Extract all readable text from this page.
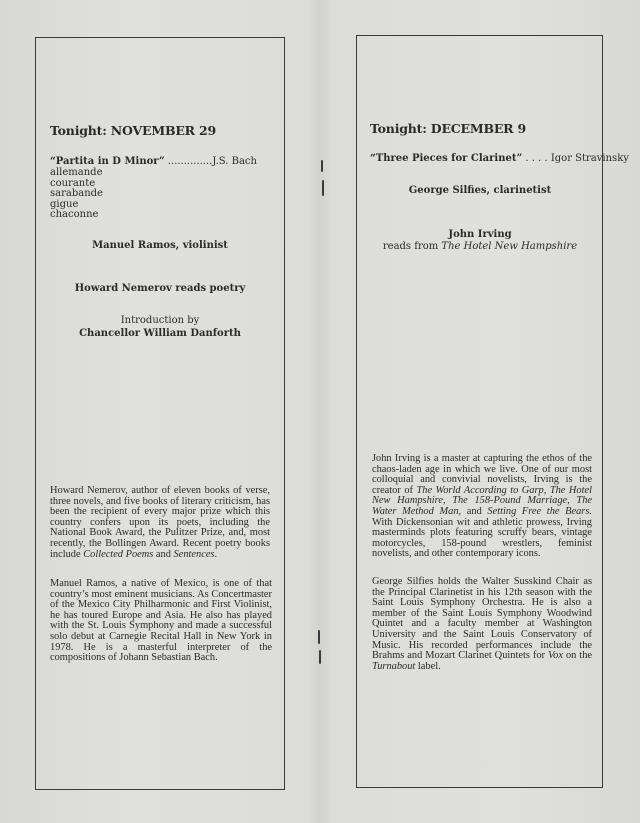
Tonight: NOVEMBER 29
“Partita in D Minor” ..............J.S. Bach
allemande
courante
sarabande
gigue
chaconne
Manuel Ramos, violinist
Howard Nemerov reads poetry
Introduction by
Chancellor William Danforth
Howard Nemerov, author of eleven books of verse, three novels, and five books of literary criticism, has been the recipient of every major prize which this country confers upon its poets, including the National Book Award, the Pulitzer Prize, and, most recently, the Bollingen Award. Recent poetry books include Collected Poems and Sentences.
Manuel Ramos, a native of Mexico, is one of that country’s most eminent musicians. As Concertmaster of the Mexico City Philharmonic and First Violinist, he has toured Europe and Asia. He also has played with the St. Louis Symphony and made a successful solo debut at Carnegie Recital Hall in New York in 1978. He is a masterful interpreter of the compositions of Johann Sebastian Bach.
Tonight: DECEMBER 9
“Three Pieces for Clarinet” . . . . Igor Stravinsky
George Silfies, clarinetist
John Irving
reads from The Hotel New Hampshire
John Irving is a master at capturing the ethos of the chaos-laden age in which we live. One of our most colloquial and convivial novelists, Irving is the creator of The World According to Garp, The Hotel New Hampshire, The 158-Pound Marriage, The Water Method Man, and Setting Free the Bears. With Dickensonian wit and athletic prowess, Irving masterminds plots featuring scruffy bears, vintage motorcycles, 158-pound wrestlers, feminist novelists, and other contemporary icons.
George Silfies holds the Walter Susskind Chair as the Principal Clarinetist in his 12th season with the Saint Louis Symphony Orchestra. He is also a member of the Saint Louis Symphony Woodwind Quintet and a faculty member at Washington University and the Saint Louis Conservatory of Music. His recorded performances include the Brahms and Mozart Clarinet Quintets for Vox on the Turnabout label.
